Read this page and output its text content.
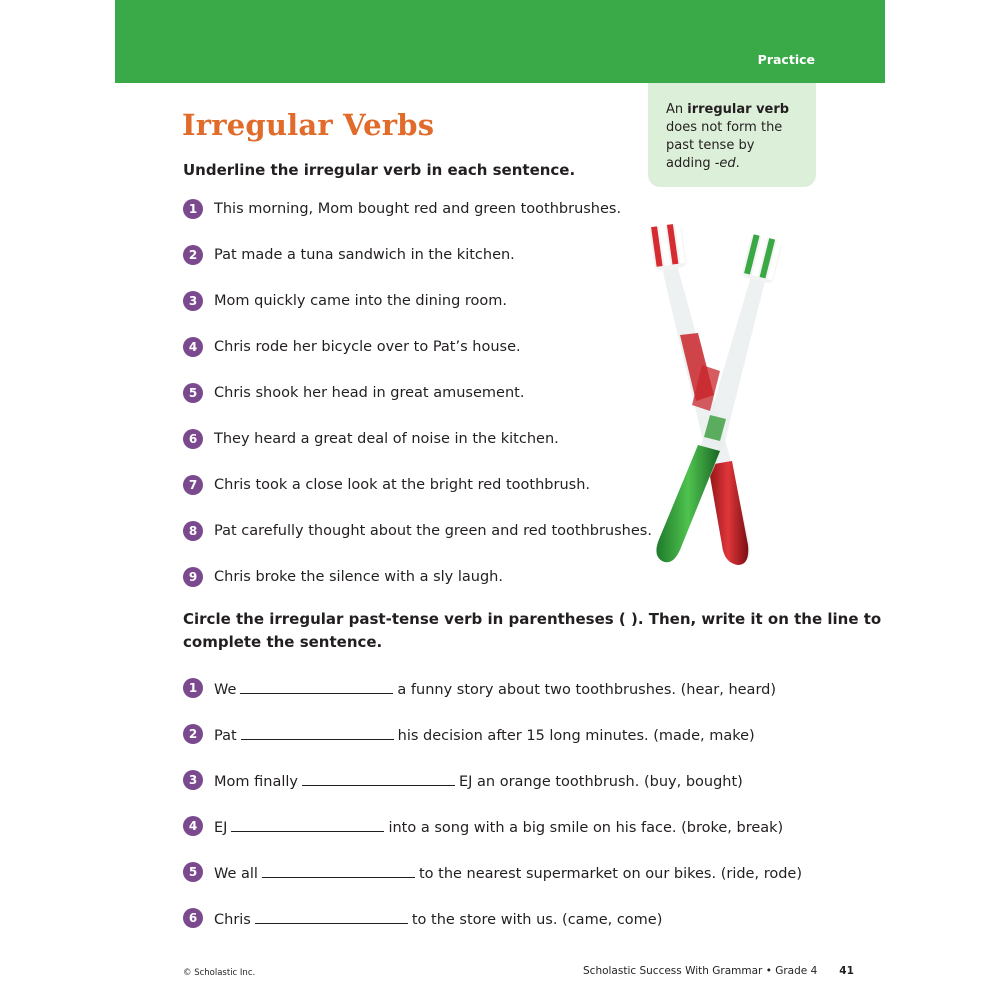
Practice
An irregular verb
does not form the
past tense by
adding -ed.
Irregular Verbs
Underline the irregular verb in each sentence.
1	This morning, Mom bought red and green toothbrushes.
2	Pat made a tuna sandwich in the kitchen.
3	Mom quickly came into the dining room.
4	Chris rode her bicycle over to Pat’s house.
5	Chris shook her head in great amusement.
6	They heard a great deal of noise in the kitchen.
7	Chris took a close look at the bright red toothbrush.
8	Pat carefully thought about the green and red toothbrushes.
9	Chris broke the silence with a sly laugh.
Circle the irregular past-tense verb in parentheses ( ). Then, write it on the line to
complete the sentence.
1	We	a funny story about two toothbrushes. (hear, heard)
2	Pat	his decision after 15 long minutes. (made, make)
3	Mom finally	EJ an orange toothbrush. (buy, bought)
4	EJ	into a song with a big smile on his face. (broke, break)
5	We all	to the nearest supermarket on our bikes. (ride, rode)
6	Chris	to the store with us. (came, come)
© Scholastic Inc.	Scholastic Success With Grammar • Grade 4 41
